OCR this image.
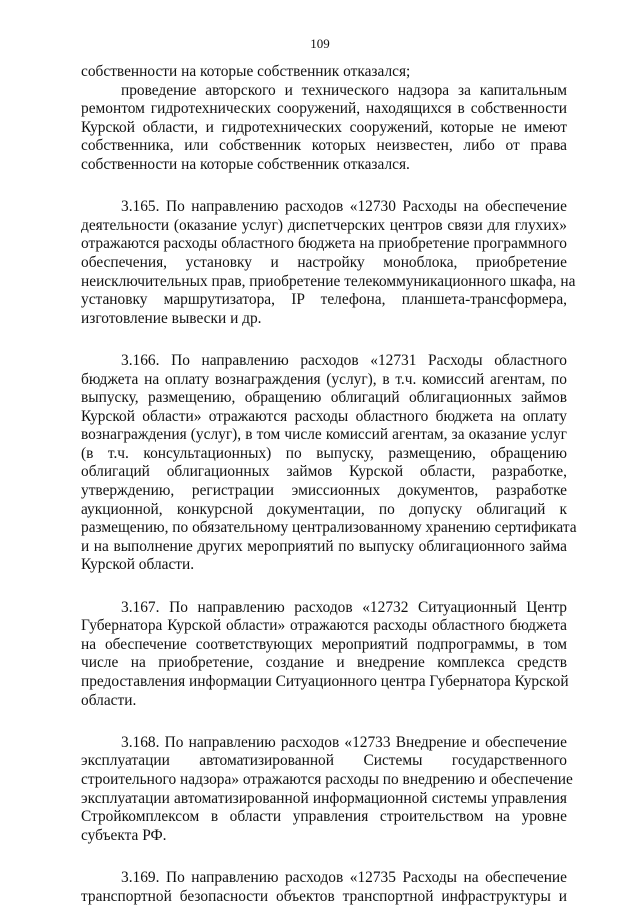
109
собственности на которые собственник отказался;
проведение авторского и технического надзора за капитальным
ремонтом гидротехнических сооружений, находящихся в собственности
Курской области, и гидротехнических сооружений, которые не имеют
собственника, или собственник которых неизвестен, либо от права
собственности на которые собственник отказался.
3.165. По направлению расходов «12730 Расходы на обеспечение
деятельности (оказание услуг) диспетчерских центров связи для глухих»
отражаются расходы областного бюджета на приобретение программного
обеспечения, установку и настройку моноблока, приобретение
неисключительных прав, приобретение телекоммуникационного шкафа, на
установку маршрутизатора, IP телефона, планшета-трансформера,
изготовление вывески и др.
3.166. По направлению расходов «12731 Расходы областного
бюджета на оплату вознаграждения (услуг), в т.ч. комиссий агентам, по
выпуску, размещению, обращению облигаций облигационных займов
Курской области» отражаются расходы областного бюджета на оплату
вознаграждения (услуг), в том числе комиссий агентам, за оказание услуг
(в т.ч. консультационных) по выпуску, размещению, обращению
облигаций облигационных займов Курской области, разработке,
утверждению, регистрации эмиссионных документов, разработке
аукционной, конкурсной документации, по допуску облигаций к
размещению, по обязательному централизованному хранению сертификата
и на выполнение других мероприятий по выпуску облигационного займа
Курской области.
3.167. По направлению расходов «12732 Ситуационный Центр
Губернатора Курской области» отражаются расходы областного бюджета
на обеспечение соответствующих мероприятий подпрограммы, в том
числе на приобретение, создание и внедрение комплекса средств
предоставления информации Ситуационного центра Губернатора Курской
области.
3.168. По направлению расходов «12733 Внедрение и обеспечение
эксплуатации автоматизированной Системы государственного
строительного надзора» отражаются расходы по внедрению и обеспечение
эксплуатации автоматизированной информационной системы управления
Стройкомплексом в области управления строительством на уровне
субъекта РФ.
3.169. По направлению расходов «12735 Расходы на обеспечение
транспортной безопасности объектов транспортной инфраструктуры и
